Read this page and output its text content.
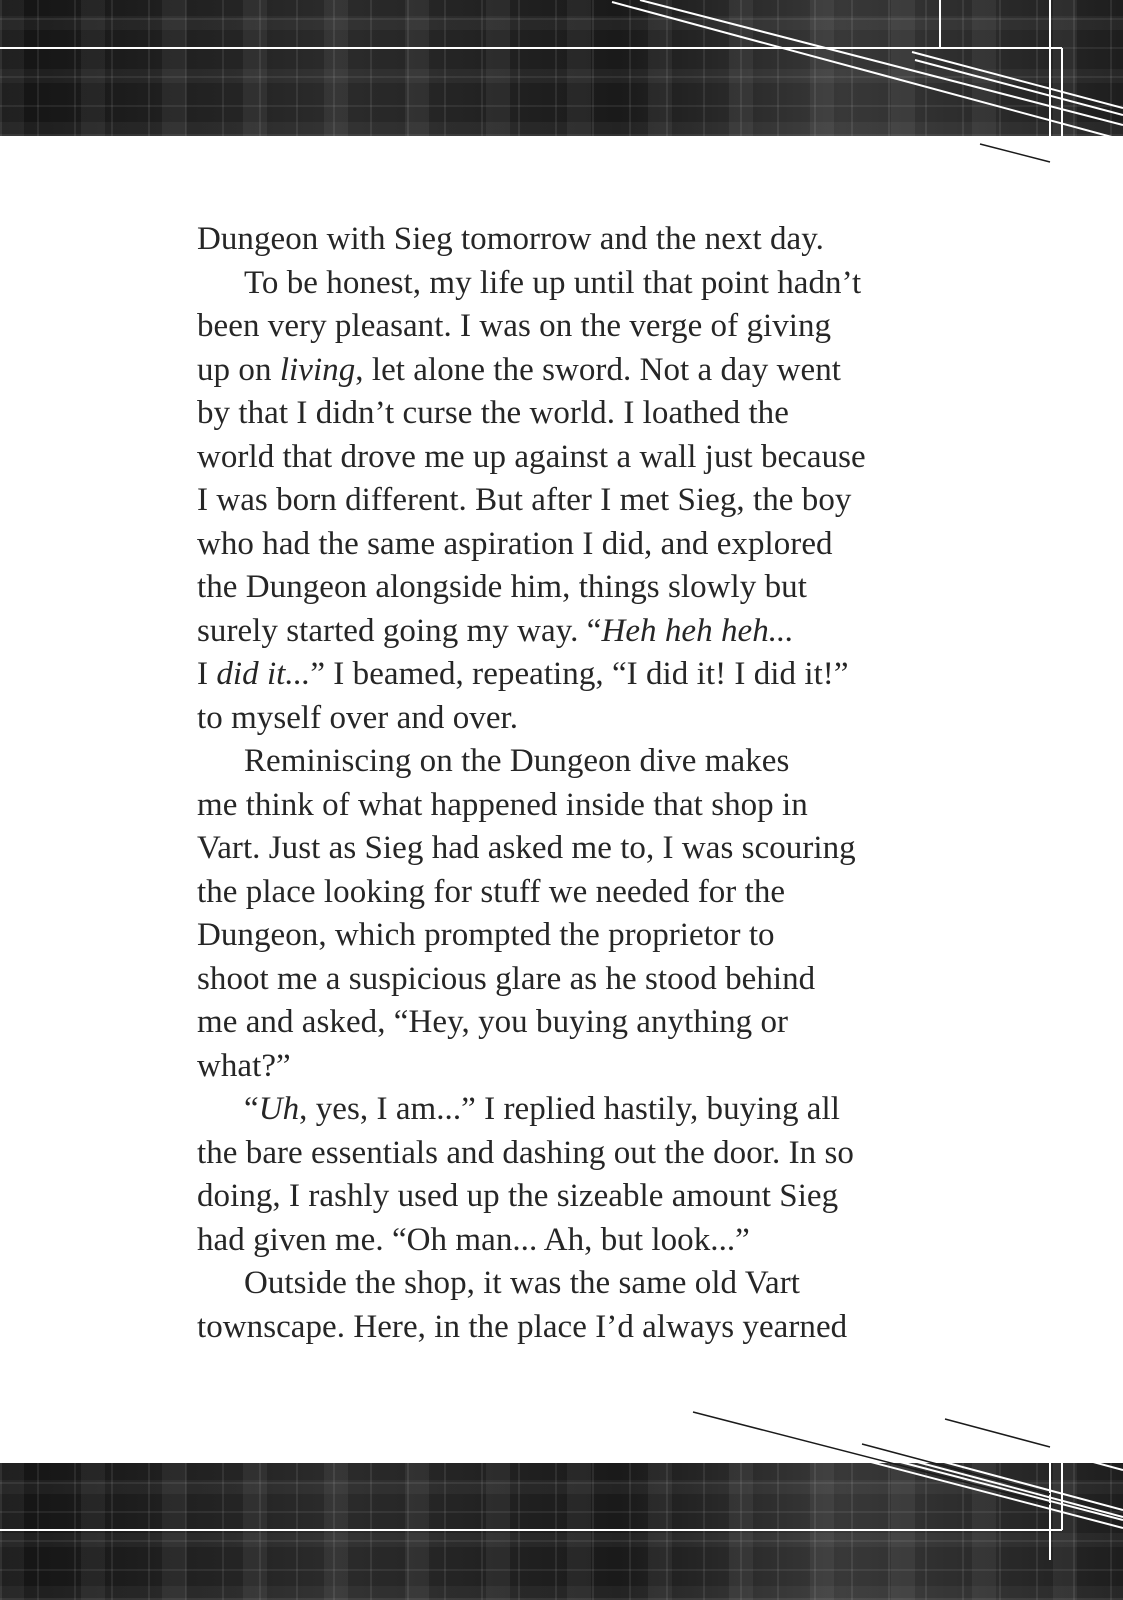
Dungeon with Sieg tomorrow and the next day.

To be honest, my life up until that point hadn’t

been very pleasant. I was on the verge of giving

up on living, let alone the sword. Not a day went

by that I didn’t curse the world. I loathed the

world that drove me up against a wall just because

I was born different. But after I met Sieg, the boy

who had the same aspiration I did, and explored

the Dungeon alongside him, things slowly but

surely started going my way. “Heh heh heh...

I did it...” I beamed, repeating, “I did it! I did it!”

to myself over and over.

Reminiscing on the Dungeon dive makes

me think of what happened inside that shop in

Vart. Just as Sieg had asked me to, I was scouring

the place looking for stuff we needed for the

Dungeon, which prompted the proprietor to

shoot me a suspicious glare as he stood behind

me and asked, “Hey, you buying anything or

what?”

“Uh, yes, I am...” I replied hastily, buying all

the bare essentials and dashing out the door. In so

doing, I rashly used up the sizeable amount Sieg

had given me. “Oh man... Ah, but look...”

Outside the shop, it was the same old Vart

townscape. Here, in the place I’d always yearned
